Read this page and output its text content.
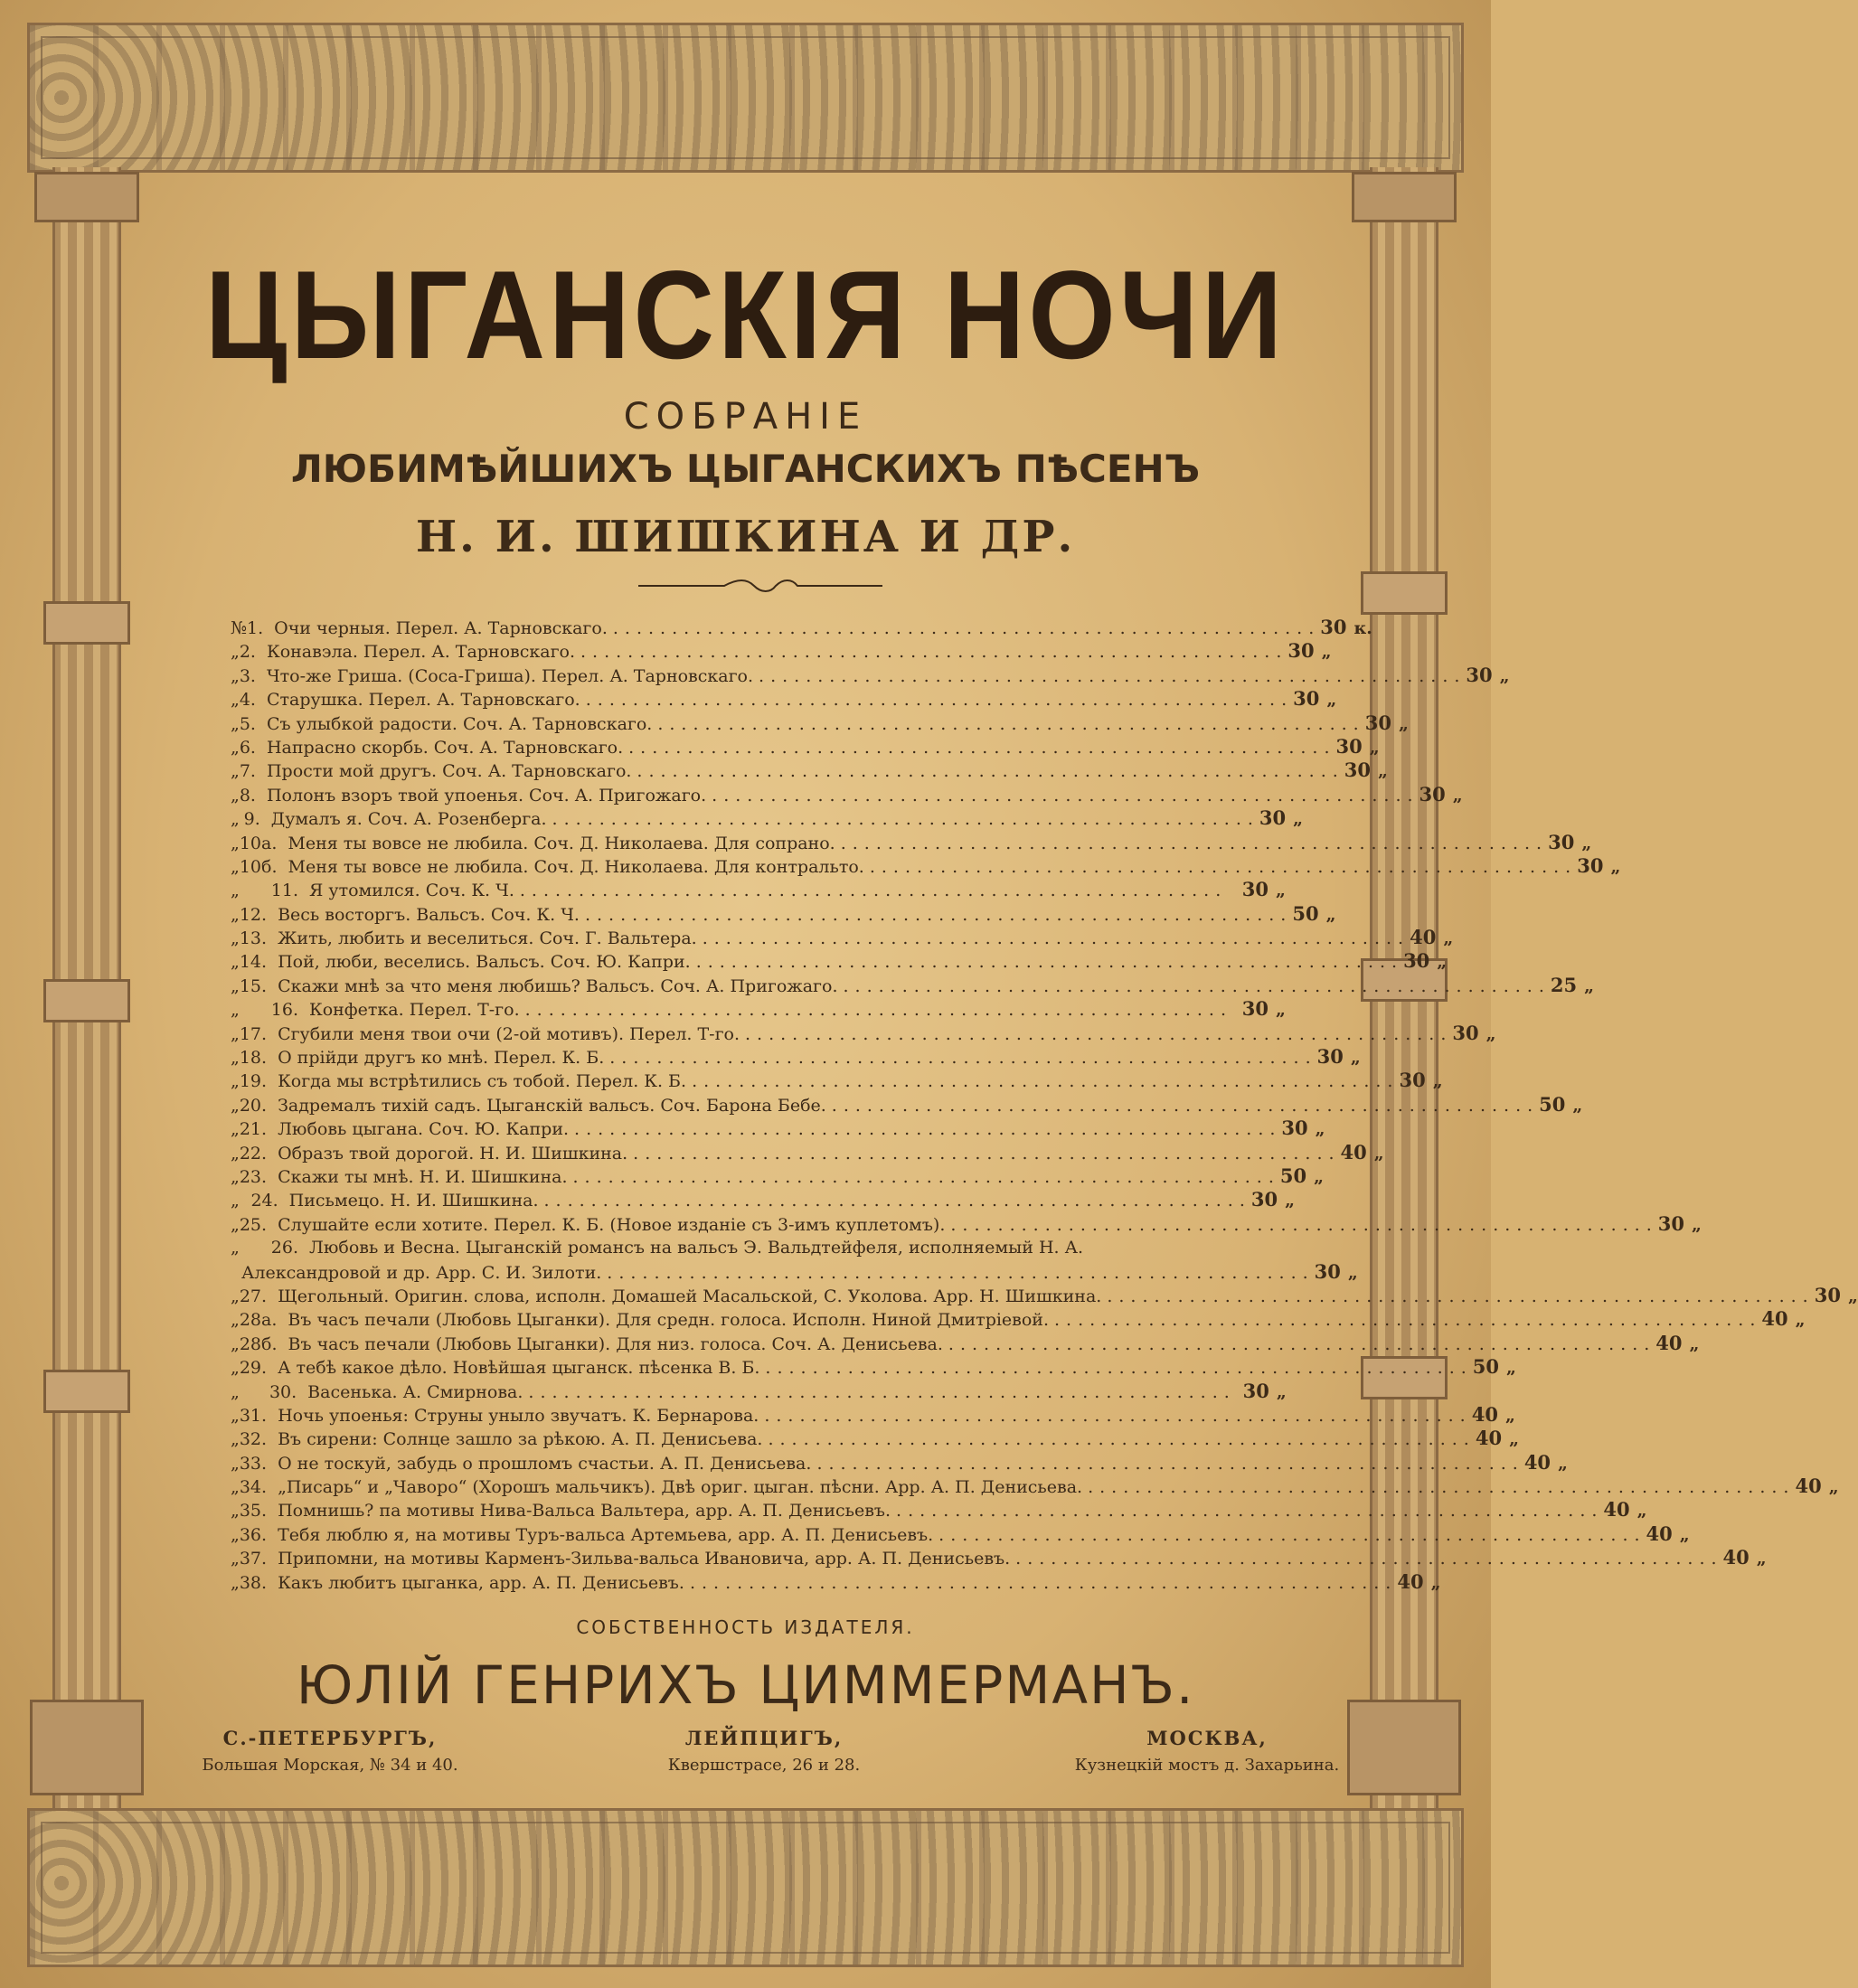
ЦЫГАНСКІЯ НОЧИ
СОБРАНІЕ
ЛЮБИМѢЙШИХЪ ЦЫГАНСКИХЪ ПѢСЕНЪ
Н. И. ШИШКИНА И ДР.
№ 1. Очи черныя. Перел. А. Тарновскаго. ............................................................ 30 к.
„ 2. Конавэла. Перел. А. Тарновскаго. ............................................................ 30 „
„ 3. Что-же Гриша. (Сoca-Гриша). Перел. А. Тарновскаго. ............................................................ 30 „
„ 4. Старушка. Перел. А. Тарновскаго. ............................................................ 30 „
„ 5. Съ улыбкой радости. Соч. А. Тарновскаго. ............................................................ 30 „
„ 6. Напрасно скорбь. Соч. А. Тарновскаго. ............................................................ 30 „
„ 7. Прости мой другъ. Соч. А. Тарновскаго. ............................................................ 30 „
„ 8. Полонъ взоръ твой упоенья. Соч. А. Пригожаго. ............................................................ 30 „
„ 9. Думалъ я. Соч. А. Розенберга. ............................................................ 30 „
„ 10а. Меня ты вовсе не любила. Соч. Д. Николаева. Для сопрано. ............................................................ 30 „
„ 10б. Меня ты вовсе не любила. Соч. Д. Николаева. Для контральто. ............................................................ 30 „
„	11. Я утомился. Соч. К. Ч. ............................................................ 30 „
„ 12. Весь восторгъ. Вальсъ. Соч. К. Ч. ............................................................ 50 „
„ 13. Жить, любить и веселиться. Соч. Г. Вальтера. ............................................................ 40 „
„ 14. Пой, люби, веселись. Вальсъ. Соч. Ю. Капри. ............................................................ 30 „
„ 15. Скажи мнѣ за что меня любишь? Вальсъ. Соч. А. Пригожаго. ............................................................ 25 „
„	16. Конфетка. Перел. Т-го. ............................................................ 30 „
„ 17. Сгубили меня твои очи (2-ой мотивъ). Перел. Т-го. ............................................................ 30 „
„ 18. О прійди другъ ко мнѣ. Перел. К. Б. ............................................................ 30 „
„ 19. Когда мы встрѣтились съ тобой. Перел. К. Б. ............................................................ 30 „
„ 20. Задремалъ тихій садъ. Цыганскій вальсъ. Соч. Барона Бебе. ............................................................ 50 „
„ 21. Любовь цыгана. Соч. Ю. Капри. ............................................................ 30 „
„ 22. Образъ твой дорогой. Н. И. Шишкина. ............................................................ 40 „
„ 23. Скажи ты мнѣ. Н. И. Шишкина. ............................................................ 50 „
„ 24. Письмецо. Н. И. Шишкина. ............................................................ 30 „
„ 25. Слушайте если хотите. Перел. К. Б. (Новое изданіе съ 3-имъ куплетомъ). ............................................................ 30 „
„	26. Любовь и Весна. Цыганскій романсъ на вальсъ Э. Вальдтейфеля, исполняемый Н. А.
Александровой и др. Арр. С. И. Зилоти. ............................................................ 30 „
„ 27. Щегольный. Оригин. слова, исполн. Домашей Масальской, С. Уколова. Арр. Н. Шишкина. ............................................................ 30 „
„ 28а. Въ часъ печали (Любовь Цыганки). Для средн. голоса. Исполн. Ниной Дмитріевой. ............................................................ 40 „
„ 28б. Въ часъ печали (Любовь Цыганки). Для низ. голоса. Соч. А. Денисьева. ............................................................ 40 „
„ 29. А тебѣ какое дѣло. Новѣйшая цыганск. пѣсенка В. Б. ............................................................ 50 „
„	30. Васенька. А. Смирнова. ............................................................ 30 „
„ 31. Ночь упоенья: Струны уныло звучатъ. К. Бернарова. ............................................................ 40 „
„ 32. Въ сирени: Солнце зашло за рѣкою. А. П. Денисьева. ............................................................ 40 „
„ 33. О не тоскуй, забудь о прошломъ счастьи. А. П. Денисьева. ............................................................ 40 „
„ 34. „Писарь“ и „Чаворо“ (Хорошъ мальчикъ). Двѣ ориг. цыган. пѣсни. Арр. А. П. Денисьева. ............................................................ 40 „
„ 35. Помнишь? па мотивы Нива-Вальса Вальтера, арр. А. П. Денисьевъ. ............................................................ 40 „
„ 36. Тебя люблю я, на мотивы Туръ-вальса Артемьева, арр. А. П. Денисьевъ. ............................................................ 40 „
„ 37. Припомни, на мотивы Карменъ-Зильва-вальса Ивановича, арр. А. П. Денисьевъ. ............................................................ 40 „
„ 38. Какъ любитъ цыганка, арр. А. П. Денисьевъ. ............................................................ 40 „
СОБСТВЕННОСТЬ ИЗДАТЕЛЯ.
ЮЛІЙ ГЕНРИХЪ ЦИММЕРМАНЪ.
С.-ПЕТЕРБУРГЪ,
Большая Морская, № 34 и 40.
ЛЕЙПЦИГЪ,
Квершстрасе, 26 и 28.
МОСКВА,
Кузнецкій мостъ д. Захарьина.
